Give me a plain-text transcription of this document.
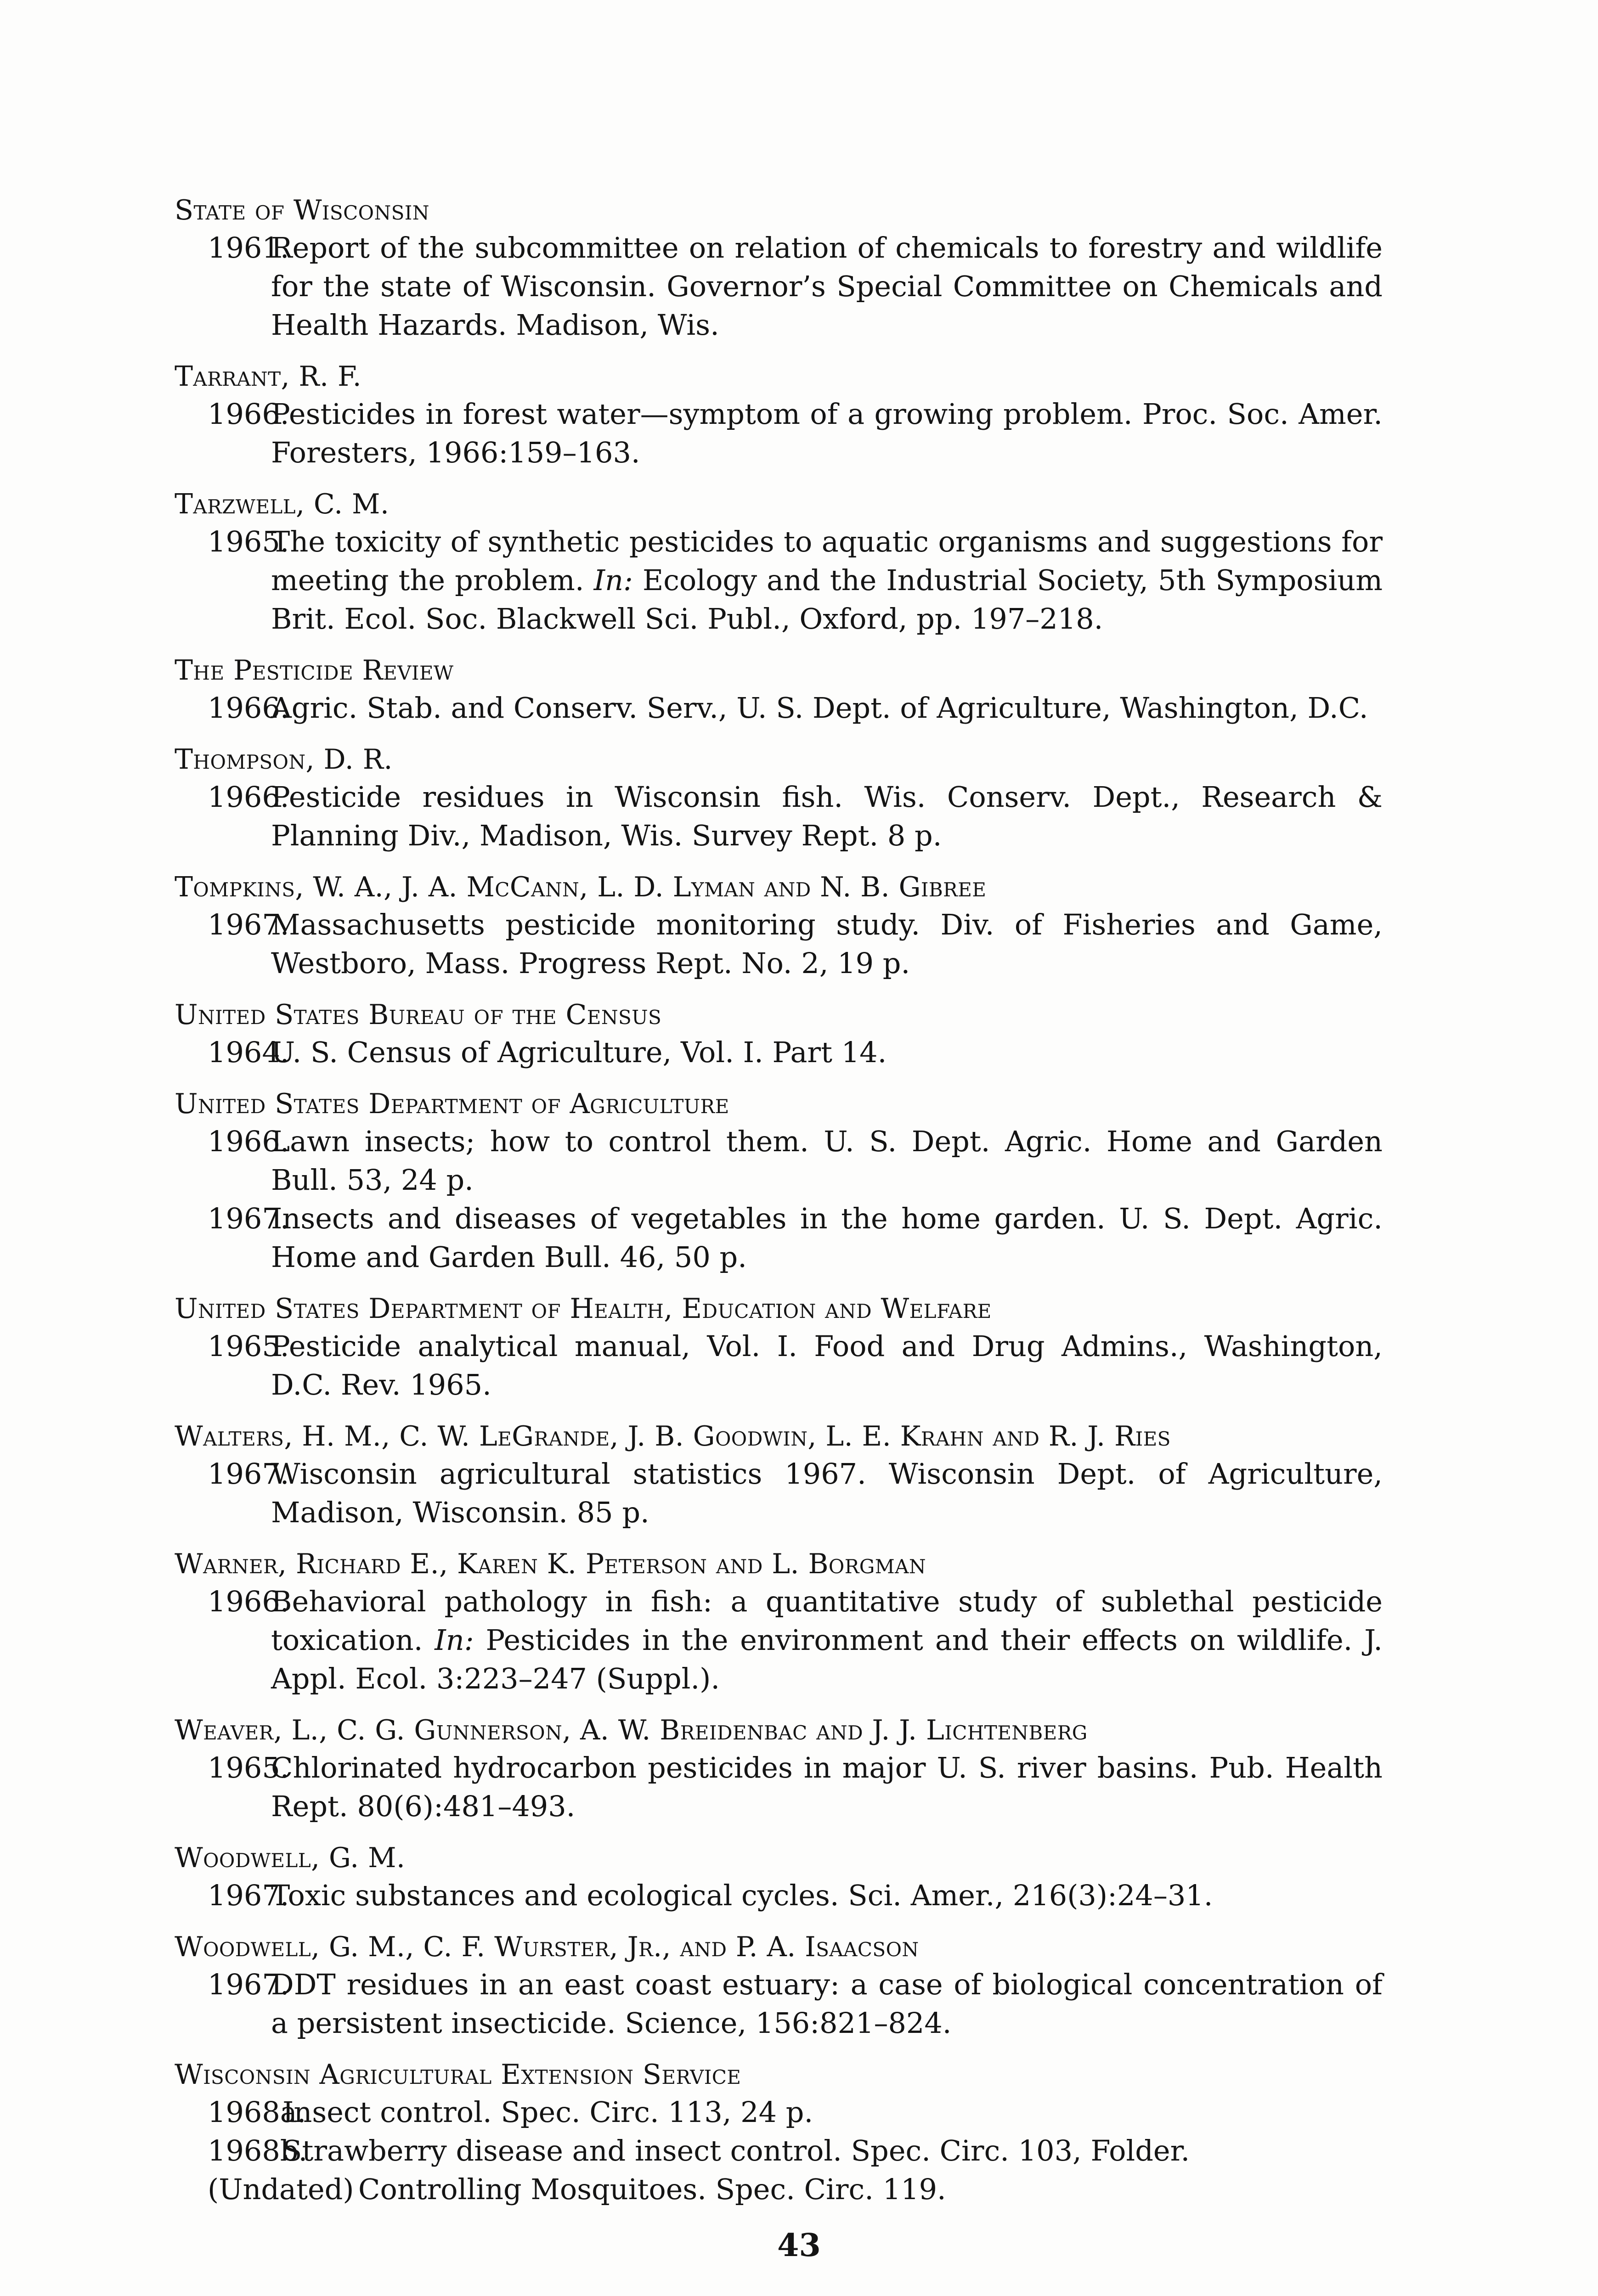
State of Wisconsin
1961.
Report of the subcommittee on relation of chemicals to forestry and wildlife for the state of Wisconsin. Governor’s Special Committee on Chemicals and Health Hazards. Madison, Wis.
Tarrant, R. F.
1966.
Pesticides in forest water—symptom of a growing problem. Proc. Soc. Amer. Foresters, 1966:159–163.
Tarzwell, C. M.
1965.
The toxicity of synthetic pesticides to aquatic organisms and suggestions for meeting the problem. In: Ecology and the Industrial Society, 5th Symposium Brit. Ecol. Soc. Blackwell Sci. Publ., Oxford, pp. 197–218.
The Pesticide Review
1966.
Agric. Stab. and Conserv. Serv., U. S. Dept. of Agriculture, Washington, D.C.
Thompson, D. R.
1966.
Pesticide residues in Wisconsin fish. Wis. Conserv. Dept., Research & Planning Div., Madison, Wis. Survey Rept. 8 p.
Tompkins, W. A., J. A. McCann, L. D. Lyman and N. B. Gibree
1967.
Massachusetts pesticide monitoring study. Div. of Fisheries and Game, Westboro, Mass. Progress Rept. No. 2, 19 p.
United States Bureau of the Census
1964.
U. S. Census of Agriculture, Vol. I. Part 14.
United States Department of Agriculture
1966.
Lawn insects; how to control them. U. S. Dept. Agric. Home and Garden Bull. 53, 24 p.
1967.
Insects and diseases of vegetables in the home garden. U. S. Dept. Agric. Home and Garden Bull. 46, 50 p.
United States Department of Health, Education and Welfare
1965.
Pesticide analytical manual, Vol. I. Food and Drug Admins., Washington, D.C. Rev. 1965.
Walters, H. M., C. W. LeGrande, J. B. Goodwin, L. E. Krahn and R. J. Ries
1967.
Wisconsin agricultural statistics 1967. Wisconsin Dept. of Agriculture, Madison, Wisconsin. 85 p.
Warner, Richard E., Karen K. Peterson and L. Borgman
1966.
Behavioral pathology in fish: a quantitative study of sublethal pesticide toxication. In: Pesticides in the environment and their effects on wildlife. J. Appl. Ecol. 3:223–247 (Suppl.).
Weaver, L., C. G. Gunnerson, A. W. Breidenbac and J. J. Lichtenberg
1965.
Chlorinated hydrocarbon pesticides in major U. S. river basins. Pub. Health Rept. 80(6):481–493.
Woodwell, G. M.
1967.
Toxic substances and ecological cycles. Sci. Amer., 216(3):24–31.
Woodwell, G. M., C. F. Wurster, Jr., and P. A. Isaacson
1967.
DDT residues in an east coast estuary: a case of biological concentration of a persistent insecticide. Science, 156:821–824.
Wisconsin Agricultural Extension Service
1968a.
Insect control. Spec. Circ. 113, 24 p.
1968b.
Strawberry disease and insect control. Spec. Circ. 103, Folder.
(Undated) Controlling Mosquitoes. Spec. Circ. 119.
43
